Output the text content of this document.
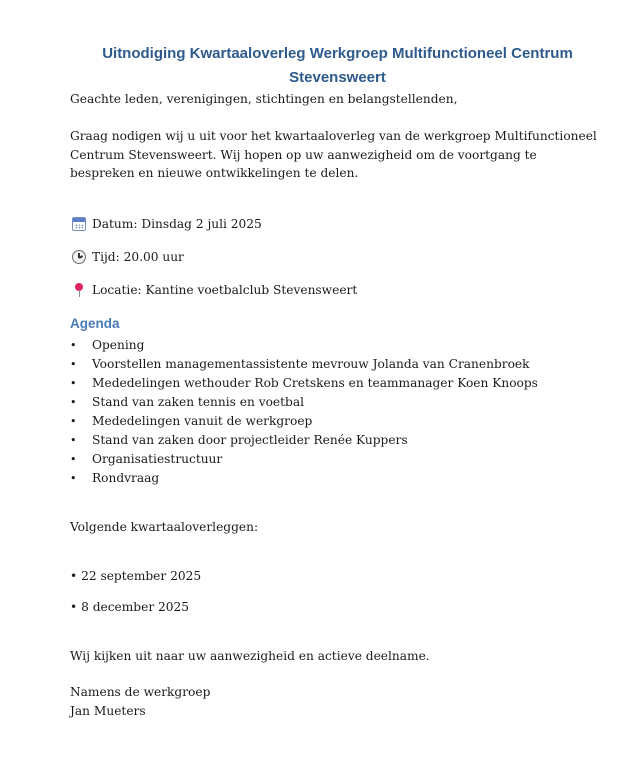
Uitnodiging Kwartaaloverleg Werkgroep Multifunctioneel Centrum Stevensweert
Geachte leden, verenigingen, stichtingen en belangstellenden,
Graag nodigen wij u uit voor het kwartaaloverleg van de werkgroep Multifunctioneel Centrum Stevensweert. Wij hopen op uw aanwezigheid om de voortgang te bespreken en nieuwe ontwikkelingen te delen.
Datum: Dinsdag 2 juli 2025
Tijd: 20.00 uur
Locatie: Kantine voetbalclub Stevensweert
Agenda
•	Opening
•	Voorstellen managementassistente mevrouw Jolanda van Cranenbroek
•	Mededelingen wethouder Rob Cretskens en teammanager Koen Knoops
•	Stand van zaken tennis en voetbal
•	Mededelingen vanuit de werkgroep
•	Stand van zaken door projectleider Renée Kuppers
•	Organisatiestructuur
•	Rondvraag
Volgende kwartaaloverleggen:
• 22 september 2025
• 8 december 2025
Wij kijken uit naar uw aanwezigheid en actieve deelname.
Namens de werkgroep
Jan Mueters
